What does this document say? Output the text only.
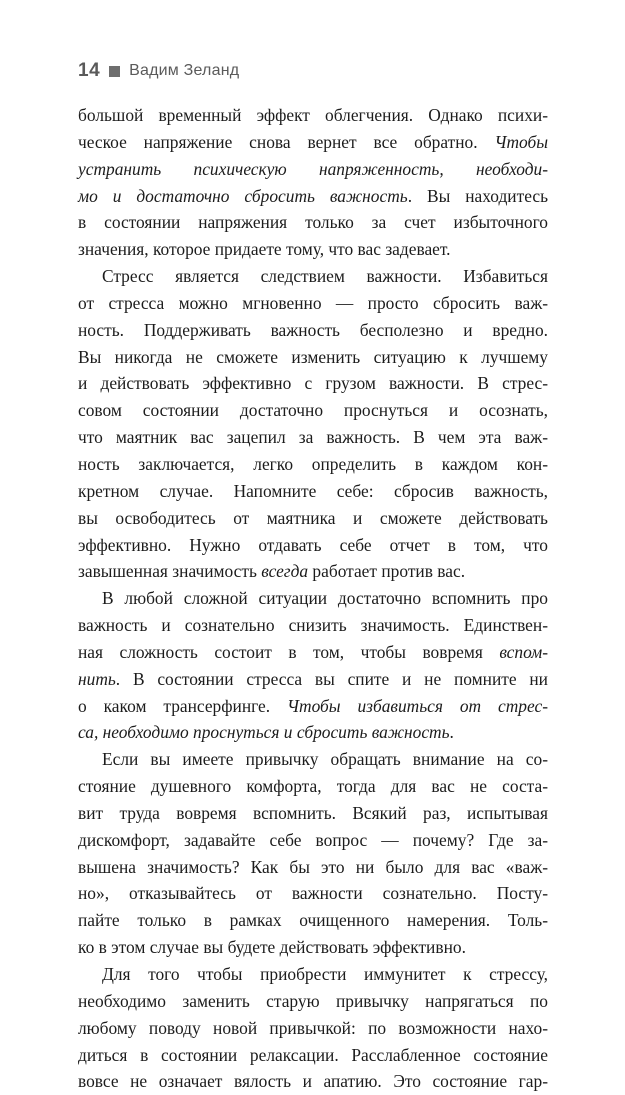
14 Вадим Зеланд
большой временный эффект облегчения. Однако психи-
ческое напряжение снова вернет все обратно. Чтобы
устранить психическую напряженность, необходи-
мо и достаточно сбросить важность. Вы находитесь
в состоянии напряжения только за счет избыточного
значения, которое придаете тому, что вас задевает.
Стресс является следствием важности. Избавиться
от стресса можно мгновенно — просто сбросить важ-
ность. Поддерживать важность бесполезно и вредно.
Вы никогда не сможете изменить ситуацию к лучшему
и действовать эффективно с грузом важности. В стрес-
совом состоянии достаточно проснуться и осознать,
что маятник вас зацепил за важность. В чем эта важ-
ность заключается, легко определить в каждом кон-
кретном случае. Напомните себе: сбросив важность,
вы освободитесь от маятника и сможете действовать
эффективно. Нужно отдавать себе отчет в том, что
завышенная значимость всегда работает против вас.
В любой сложной ситуации достаточно вспомнить про
важность и сознательно снизить значимость. Единствен-
ная сложность состоит в том, чтобы вовремя вспом-
нить. В состоянии стресса вы спите и не помните ни
о каком трансерфинге. Чтобы избавиться от стрес-
са, необходимо проснуться и сбросить важность.
Если вы имеете привычку обращать внимание на со-
стояние душевного комфорта, тогда для вас не соста-
вит труда вовремя вспомнить. Всякий раз, испытывая
дискомфорт, задавайте себе вопрос — почему? Где за-
вышена значимость? Как бы это ни было для вас «важ-
но», отказывайтесь от важности сознательно. Посту-
пайте только в рамках очищенного намерения. Толь-
ко в этом случае вы будете действовать эффективно.
Для того чтобы приобрести иммунитет к стрессу,
необходимо заменить старую привычку напрягаться по
любому поводу новой привычкой: по возможности нахо-
диться в состоянии релаксации. Расслабленное состояние
вовсе не означает вялость и апатию. Это состояние гар-
